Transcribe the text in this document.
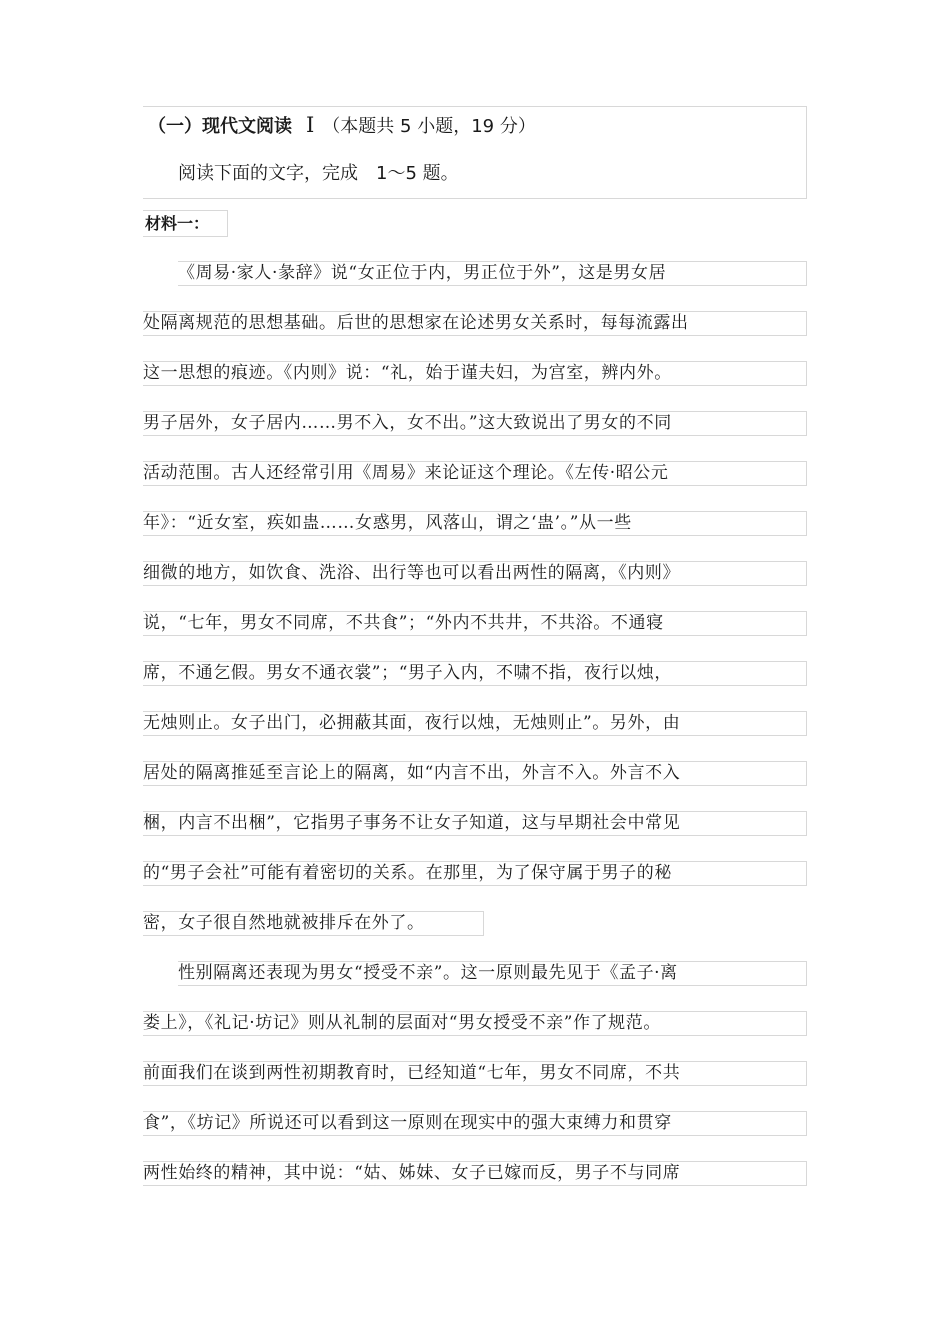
（一）现代文阅读 Ⅰ （本题共 5 小题，19 分）
阅读下面的文字，完成　1～5 题。
材料一：
《周易·家人·彖辞》说“女正位于内，男正位于外”，这是男女居
处隔离规范的思想基础。后世的思想家在论述男女关系时，每每流露出
这一思想的痕迹。《内则》说：“礼，始于谨夫妇，为宫室，辨内外。
男子居外，女子居内……男不入，女不出。”这大致说出了男女的不同
活动范围。古人还经常引用《周易》来论证这个理论。《左传·昭公元
年》：“近女室，疾如蛊……女惑男，风落山，谓之‘蛊’。”从一些
细微的地方，如饮食、洗浴、出行等也可以看出两性的隔离，《内则》
说，“七年，男女不同席，不共食”；“外内不共井，不共浴。不通寝
席，不通乞假。男女不通衣裳”；“男子入内，不啸不指，夜行以烛，
无烛则止。女子出门，必拥蔽其面，夜行以烛，无烛则止”。另外，由
居处的隔离推延至言论上的隔离，如“内言不出，外言不入。外言不入
梱，内言不出梱”，它指男子事务不让女子知道，这与早期社会中常见
的“男子会社”可能有着密切的关系。在那里，为了保守属于男子的秘
密，女子很自然地就被排斥在外了。
性别隔离还表现为男女“授受不亲”。这一原则最先见于《孟子·离
娄上》，《礼记·坊记》则从礼制的层面对“男女授受不亲”作了规范。
前面我们在谈到两性初期教育时，已经知道“七年，男女不同席，不共
食”，《坊记》所说还可以看到这一原则在现实中的强大束缚力和贯穿
两性始终的精神，其中说：“姑、姊妹、女子已嫁而反，男子不与同席
